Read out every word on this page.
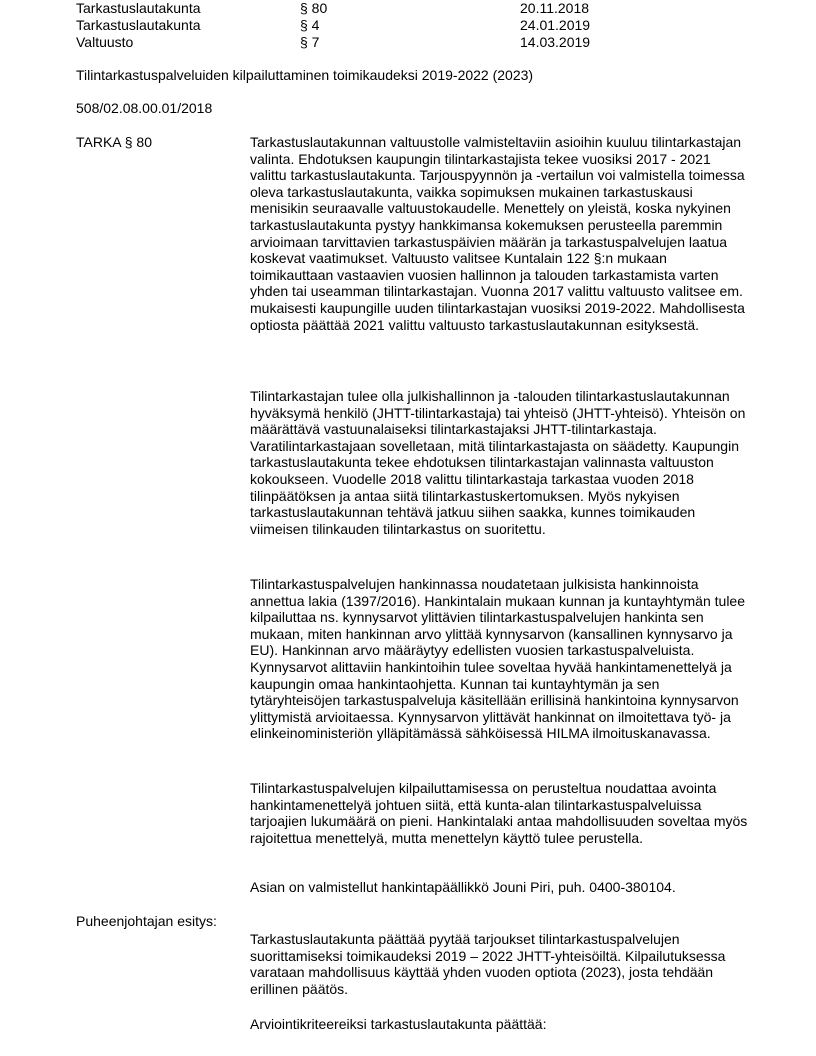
Tarkastuslautakunta	§ 80	20.11.2018
Tarkastuslautakunta	§ 4	24.01.2019
Valtuusto	§ 7	14.03.2019
Tilintarkastuspalveluiden kilpailuttaminen toimikaudeksi 2019-2022 (2023)
508/02.08.00.01/2018
TARKA § 80	Tarkastuslautakunnan valtuustolle valmisteltaviin asioihin kuuluu tilintarkastajan valinta. Ehdotuksen kaupungin tilintarkastajista tekee vuosiksi 2017 - 2021 valittu tarkastuslautakunta. Tarjouspyynnön ja -vertailun voi valmistella toimessa oleva tarkastuslautakunta, vaikka sopimuksen mukainen tarkastuskausi menisikin seuraavalle valtuustokaudelle. Menettely on yleistä, koska nykyinen tarkastuslautakunta pystyy hankkimansa kokemuksen perusteella paremmin arvioimaan tarvittavien tarkastuspäivien määrän ja tarkastuspalvelujen laatua koskevat vaatimukset. Valtuusto valitsee Kuntalain 122 §:n mukaan toimikauttaan vastaavien vuosien hallinnon ja talouden tarkastamista varten yhden tai useamman tilintarkastajan. Vuonna 2017 valittu valtuusto valitsee em. mukaisesti kaupungille uuden tilintarkastajan vuosiksi 2019-2022. Mahdollisesta optiosta päättää 2021 valittu valtuusto tarkastuslautakunnan esityksestä.

Tilintarkastajan tulee olla julkishallinnon ja -talouden tilintarkastuslautakunnan hyväksymä henkilö (JHTT-tilintarkastaja) tai yhteisö (JHTT-yhteisö). Yhteisön on määrättävä vastuunalaiseksi tilintarkastajaksi JHTT-tilintarkastaja. Varatilintarkastajaan sovelletaan, mitä tilintarkastajasta on säädetty. Kaupungin tarkastuslautakunta tekee ehdotuksen tilintarkastajan valinnasta valtuuston kokoukseen. Vuodelle 2018 valittu tilintarkastaja tarkastaa vuoden 2018 tilinpäätöksen ja antaa siitä tilintarkastuskertomuksen. Myös nykyisen tarkastuslautakunnan tehtävä jatkuu siihen saakka, kunnes toimikauden viimeisen tilinkauden tilintarkastus on suoritettu.

Tilintarkastuspalvelujen hankinnassa noudatetaan julkisista hankinnoista annettua lakia (1397/2016). Hankintalain mukaan kunnan ja kuntayhtymän tulee kilpailuttaa ns. kynnysarvot ylittävien tilintarkastuspalvelujen hankinta sen mukaan, miten hankinnan arvo ylittää kynnysarvon (kansallinen kynnysarvo ja EU). Hankinnan arvo määräytyy edellisten vuosien tarkastuspalveluista. Kynnysarvot alittaviin hankintoihin tulee soveltaa hyvää hankintamenettelyä ja kaupungin omaa hankintaohjetta. Kunnan tai kuntayhtymän ja sen tytäryhteisöjen tarkastuspalveluja käsitellään erillisinä hankintoina kynnysarvon ylittymistä arvioitaessa. Kynnysarvon ylittävät hankinnat on ilmoitettava työ- ja elinkeinoministeriön ylläpitämässä sähköisessä HILMA ilmoituskanavassa.

Tilintarkastuspalvelujen kilpailuttamisessa on perusteltua noudattaa avointa hankintamenettelyä johtuen siitä, että kunta-alan tilintarkastuspalveluissa tarjoajien lukumäärä on pieni. Hankintalaki antaa mahdollisuuden soveltaa myös rajoitettua menettelyä, mutta menettelyn käyttö tulee perustella.

Asian on valmistellut hankintapäällikkö Jouni Piri, puh. 0400-380104.

Puheenjohtajan esitys:

Tarkastuslautakunta päättää pyytää tarjoukset tilintarkastuspalvelujen suorittamiseksi toimikaudeksi 2019 – 2022 JHTT-yhteisöiltä. Kilpailutuksessa varataan mahdollisuus käyttää yhden vuoden optiota (2023), josta tehdään erillinen päätös.

Arviointikriteereiksi tarkastuslautakunta päättää:
